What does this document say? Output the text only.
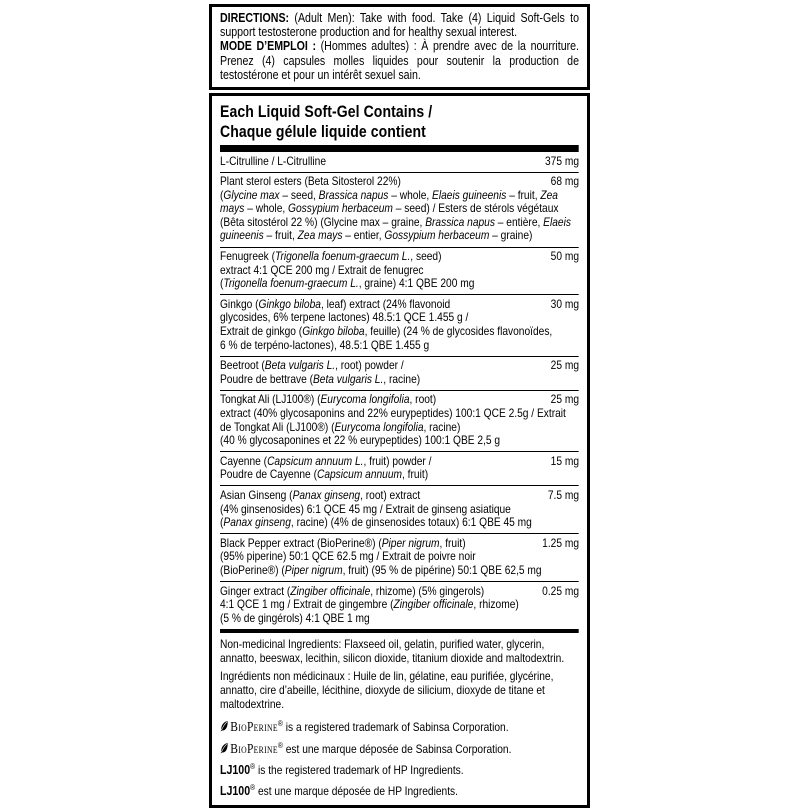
DIRECTIONS: (Adult Men): Take with food. Take (4) Liquid Soft-Gels to support testosterone production and for healthy sexual interest.

MODE D’EMPLOI : (Hommes adultes) : À prendre avec de la nourriture. Prenez (4) capsules molles liquides pour soutenir la production de testostérone et pour un intérêt sexuel sain.

Each Liquid Soft-Gel Contains /
Chaque gélule liquide contient
L-Citrulline / L-Citrulline	375 mg
Plant sterol esters (Beta Sitosterol 22%)	68 mg
(Glycine max – seed, Brassica napus – whole, Elaeis guineenis – fruit, Zea
mays – whole, Gossypium herbaceum – seed) / Esters de stérols végétaux
(Bêta sitostérol 22 %) (Glycine max – graine, Brassica napus – entière, Elaeis
guineenis – fruit, Zea mays – entier, Gossypium herbaceum – graine)
Fenugreek (Trigonella foenum-graecum L., seed)	50 mg
extract 4:1 QCE 200 mg / Extrait de fenugrec
(Trigonella foenum-graecum L., graine) 4:1 QBE 200 mg
Ginkgo (Ginkgo biloba, leaf) extract (24% flavonoid	30 mg
glycosides, 6% terpene lactones) 48.5:1 QCE 1.455 g /
Extrait de ginkgo (Ginkgo biloba, feuille) (24 % de glycosides flavonoïdes,
6 % de terpéno-lactones), 48.5:1 QBE 1.455 g
Beetroot (Beta vulgaris L., root) powder /	25 mg
Poudre de bettrave (Beta vulgaris L., racine)
Tongkat Ali (LJ100®) (Eurycoma longifolia, root)	25 mg
extract (40% glycosaponins and 22% eurypeptides) 100:1 QCE 2.5g / Extrait
de Tongkat Ali (LJ100®) (Eurycoma longifolia, racine)
(40 % glycosaponines et 22 % eurypeptides) 100:1 QBE 2,5 g
Cayenne (Capsicum annuum L., fruit) powder /	15 mg
Poudre de Cayenne (Capsicum annuum, fruit)
Asian Ginseng (Panax ginseng, root) extract	7.5 mg
(4% ginsenosides) 6:1 QCE 45 mg / Extrait de ginseng asiatique
(Panax ginseng, racine) (4% de ginsenosides totaux) 6:1 QBE 45 mg
Black Pepper extract (BioPerine®) (Piper nigrum, fruit)	1.25 mg
(95% piperine) 50:1 QCE 62.5 mg / Extrait de poivre noir
(BioPerine®) (Piper nigrum, fruit) (95 % de pipérine) 50:1 QBE 62,5 mg
Ginger extract (Zingiber officinale, rhizome) (5% gingerols)	0.25 mg
4:1 QCE 1 mg / Extrait de gingembre (Zingiber officinale, rhizome)
(5 % de gingérols) 4:1 QBE 1 mg

Non-medicinal Ingredients: Flaxseed oil, gelatin, purified water, glycerin, annatto, beeswax, lecithin, silicon dioxide, titanium dioxide and maltodextrin.

Ingrédients non médicinaux : Huile de lin, gélatine, eau purifiée, glycérine, annatto, cire d’abeille, lécithine, dioxyde de silicium, dioxyde de titane et maltodextrine.

BioPerine® is a registered trademark of Sabinsa Corporation.
BioPerine® est une marque déposée de Sabinsa Corporation.
LJ100® is the registered trademark of HP Ingredients.
LJ100® est une marque déposée de HP Ingredients.
